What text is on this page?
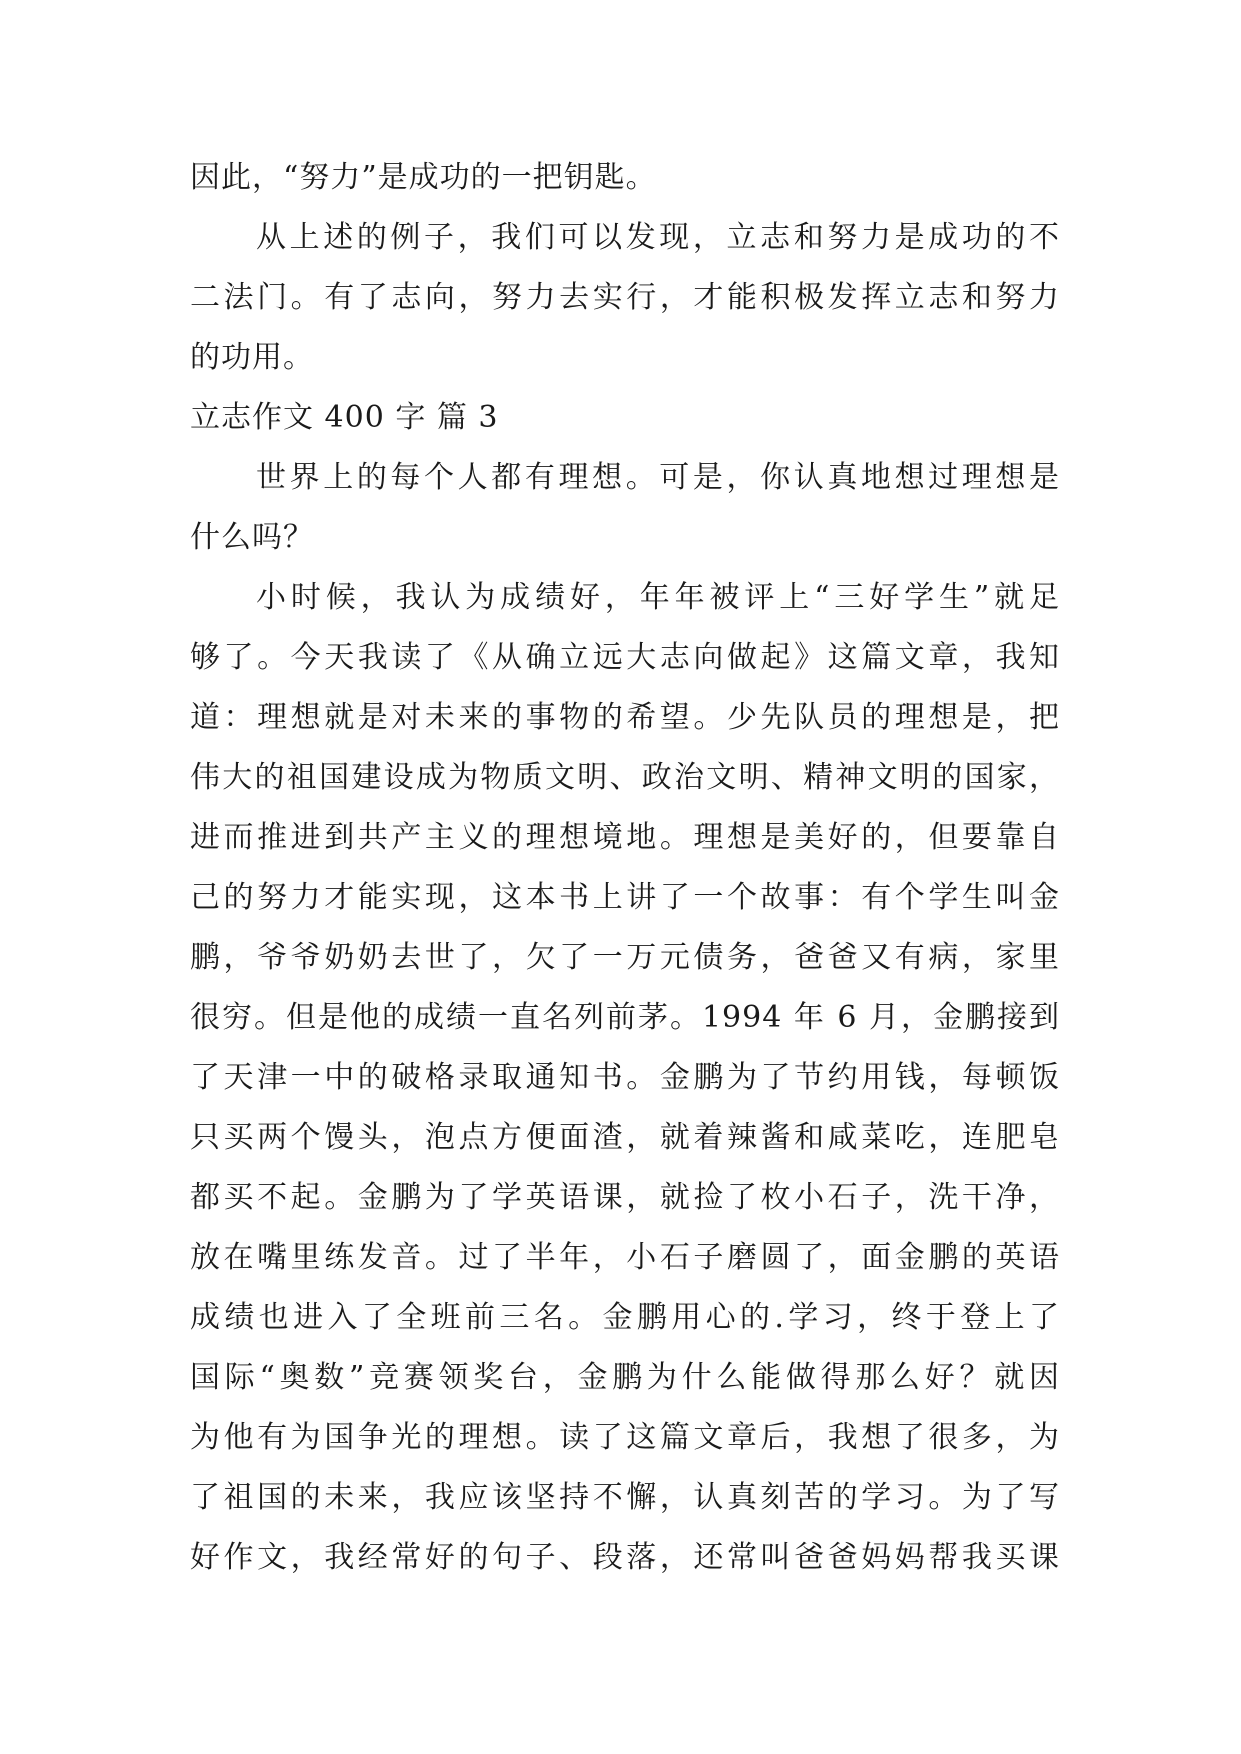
因此，“努力”是成功的一把钥匙。
从上述的例子，我们可以发现，立志和努力是成功的不
二法门。有了志向，努力去实行，才能积极发挥立志和努力
的功用。
立志作文 400 字 篇 3
世界上的每个人都有理想。可是，你认真地想过理想是
什么吗？
小时候，我认为成绩好，年年被评上“三好学生”就足
够了。今天我读了《从确立远大志向做起》这篇文章，我知
道：理想就是对未来的事物的希望。少先队员的理想是，把
伟大的祖国建设成为物质文明、政治文明、精神文明的国家，
进而推进到共产主义的理想境地。理想是美好的，但要靠自
己的努力才能实现，这本书上讲了一个故事：有个学生叫金
鹏，爷爷奶奶去世了，欠了一万元债务，爸爸又有病，家里
很穷。但是他的成绩一直名列前茅。1994 年 6 月，金鹏接到
了天津一中的破格录取通知书。金鹏为了节约用钱，每顿饭
只买两个馒头，泡点方便面渣，就着辣酱和咸菜吃，连肥皂
都买不起。金鹏为了学英语课，就捡了枚小石子，洗干净，
放在嘴里练发音。过了半年，小石子磨圆了，面金鹏的英语
成绩也进入了全班前三名。金鹏用心的.学习，终于登上了
国际“奥数”竞赛领奖台，金鹏为什么能做得那么好？就因
为他有为国争光的理想。读了这篇文章后，我想了很多，为
了祖国的未来，我应该坚持不懈，认真刻苦的学习。为了写
好作文，我经常好的句子、段落，还常叫爸爸妈妈帮我买课
